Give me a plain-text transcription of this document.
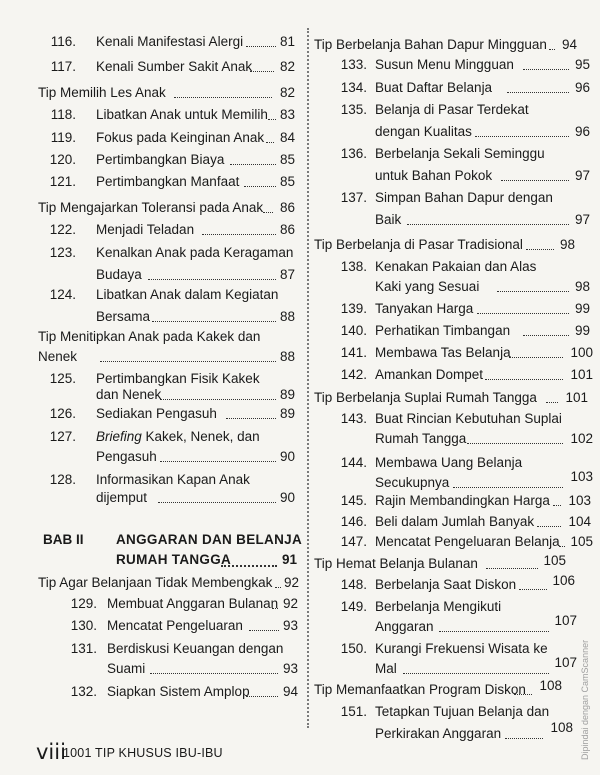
116. Kenali Manifestasi Alergi	81
117. Kenali Sumber Sakit Anak	82
Tip Memilih Les Anak	82
118. Libatkan Anak untuk Memilih 83
119. Fokus pada Keinginan Anak	84
120. Pertimbangkan Biaya	85
121. Pertimbangkan Manfaat	85
Tip Mengajarkan Toleransi pada Anak	86
122. Menjadi Teladan	86
123. Kenalkan Anak pada Keragaman
Budaya	87
124. Libatkan Anak dalam Kegiatan
Bersama	88
Tip Menitipkan Anak pada Kakek dan
Nenek	88
125. Pertimbangkan Fisik Kakek
dan Nenek	89
126. Sediakan Pengasuh	89
127. Briefing Kakek, Nenek, dan
Pengasuh	90
128. Informasikan Kapan Anak
dijemput	90
BAB II ANGGARAN DAN BELANJA
RUMAH TANGGA	91
Tip Agar Belanjaan Tidak Membengkak 92
129. Membuat Anggaran Bulanan 92
130. Mencatat Pengeluaran	93
131. Berdiskusi Keuangan dengan
Suami	93
132. Siapkan Sistem Amplop	94
Tip Berbelanja Bahan Dapur Mingguan	94
133. Susun Menu Mingguan	95
134. Buat Daftar Belanja	96
135. Belanja di Pasar Terdekat
dengan Kualitas	96
136. Berbelanja Sekali Seminggu
untuk Bahan Pokok	97
137. Simpan Bahan Dapur dengan
Baik	97
Tip Berbelanja di Pasar Tradisional	98
138. Kenakan Pakaian dan Alas
Kaki yang Sesuai	98
139. Tanyakan Harga	99
140. Perhatikan Timbangan	99
141. Membawa Tas Belanja	100
142. Amankan Dompet	101
Tip Berbelanja Suplai Rumah Tangga	101
143. Buat Rincian Kebutuhan Suplai
Rumah Tangga	102
144. Membawa Uang Belanja
Secukupnya	103
145. Rajin Membandingkan Harga	103
146. Beli dalam Jumlah Banyak	104
147. Mencatat Pengeluaran Belanja 105
Tip Hemat Belanja Bulanan	105
148. Berbelanja Saat Diskon	106
149. Berbelanja Mengikuti
Anggaran	107
150. Kurangi Frekuensi Wisata ke
Mal	107
Tip Memanfaatkan Program Diskon	108
151. Tetapkan Tujuan Belanja dan
Perkirakan Anggaran	108
viii
1001 TIP KHUSUS IBU-IBU	Dipindai dengan CamScanner
